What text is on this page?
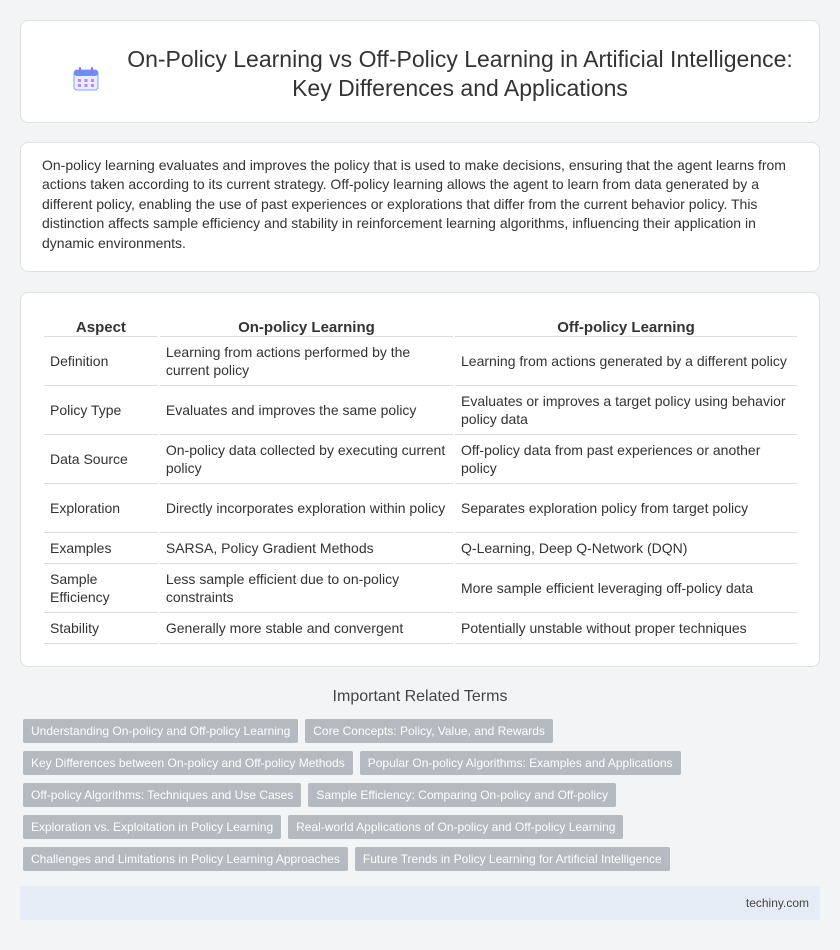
On-Policy Learning vs Off-Policy Learning in Artificial Intelligence: Key Differences and Applications

On-policy learning evaluates and improves the policy that is used to make decisions, ensuring that the agent learns from actions taken according to its current strategy. Off-policy learning allows the agent to learn from data generated by a different policy, enabling the use of past experiences or explorations that differ from the current behavior policy. This distinction affects sample efficiency and stability in reinforcement learning algorithms, influencing their application in dynamic environments.

Aspect	On-policy Learning	Off-policy Learning
Definition	Learning from actions performed by the current policy	Learning from actions generated by a different policy
Policy Type	Evaluates and improves the same policy	Evaluates or improves a target policy using behavior policy data
Data Source	On-policy data collected by executing current policy	Off-policy data from past experiences or another policy
Exploration	Directly incorporates exploration within policy	Separates exploration policy from target policy
Examples	SARSA, Policy Gradient Methods	Q-Learning, Deep Q-Network (DQN)
Sample Efficiency	Less sample efficient due to on-policy constraints	More sample efficient leveraging off-policy data
Stability	Generally more stable and convergent	Potentially unstable without proper techniques
Important Related Terms
Understanding On-policy and Off-policy Learning	Core Concepts: Policy, Value, and Rewards
Key Differences between On-policy and Off-policy Methods	Popular On-policy Algorithms: Examples and Applications
Off-policy Algorithms: Techniques and Use Cases	Sample Efficiency: Comparing On-policy and Off-policy
Exploration vs. Exploitation in Policy Learning	Real-world Applications of On-policy and Off-policy Learning
Challenges and Limitations in Policy Learning Approaches	Future Trends in Policy Learning for Artificial Intelligence
techiny.com
